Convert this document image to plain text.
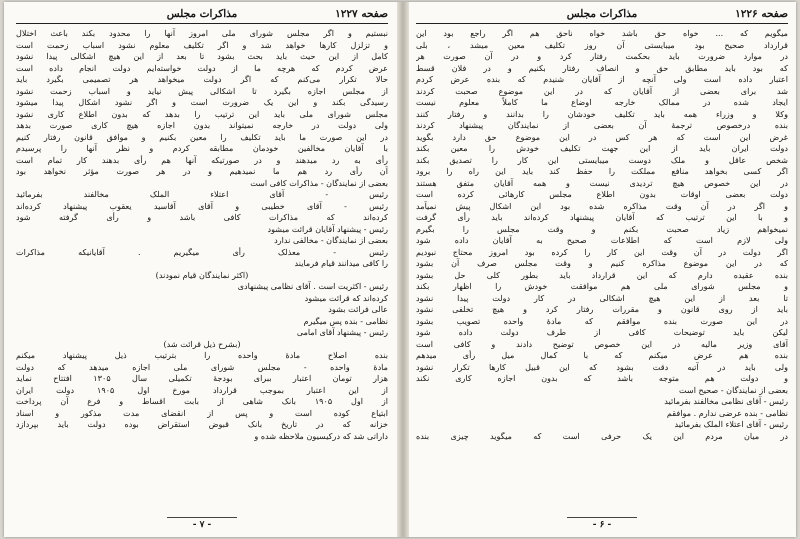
صفحه ۱۲۲۷
مذاکرات مجلس
نبستیم و اگر مجلس شورای ملی امروز آنها را محدود بکند باعث اختلال
و تزلزل کارها خواهد شد و اگر تکلیف معلوم نشود اسباب زحمت است
کامل از این حیث باید بحث بشود تا بعد از این هیچ اشکالی پیدا نشود
عرض کردم که هرچه ما از دولت خواسته‌ایم دولت انجام داده است
حالا تکرار می‌کنم که اگر دولت میخواهد هر تصمیمی بگیرد باید
از مجلس اجازه بگیرد تا اشکالی پیش نیاید و اسباب زحمت نشود
رسیدگی بکند و این یک ضرورت است و اگر نشود اشکال پیدا میشود
مجلس شورای ملی باید این ترتیب را بدهد که بدون اطلاع کاری نشود
ولی دولت در خارجه نمیتواند بدون اجازه هیچ کاری صورت بدهد
در این صورت ما باید تکلیف را معین بکنیم و موافق قانون رفتار کنیم
با آقایان مخالفین خودمان مطابقه کردم و نظر آنها را پرسیدم
رأی به رد میدهند و در صورتیکه آنها هم رأی بدهند کار تمام است
آن رأی رد هم ما نمیدهیم و در هر صورت مؤثر نخواهد بود
بعضی از نمایندگان - مذاکرات کافی است
رئیس - آقای اعتلاء الملک مخالفند بفرمائید
رئیس - آقای خطیبی و آقای آقاسید یعقوب پیشنهاد کرده‌اند
کرده‌اند که مذاکرات کافی باشد و رأی گرفته شود
رئیس - پیشنهاد آقایان قرائت میشود
بعضی از نمایندگان - مخالفی ندارد
رئیس - معذلک رأی میگیریم . آقایانیکه مذاکرات
را کافی میدانند قیام فرمایند
(اکثر نمایندگان قیام نمودند)
رئیس - اکثریت است . آقای نظامی پیشنهادی
کرده‌اند که قرائت میشود
عالی فرائت بشود
نظامی - بنده پس میگیرم
رئیس - پیشنهاد آقای امامی
(بشرح ذیل قرائت شد)
بنده اصلاح مادهٔ واحده را بترتیب ذیل پیشنهاد میکنم
مادهٔ واحده - مجلس شورای ملی اجازه میدهد که دولت
هزار تومان اعتبار ببرای بودجهٔ تکمیلی سال ۱۳۰۵ افتتاح نماید
از این اعتبار بموجب قرارداد مورخ اول ۱۹۰۵ دولت ایران
از اول ۱۹۰۵ بانک شاهی از بابت اقساط و فرع آن پرداخت
ابتیاع کوده است و پس از انقضای مدت مذکور و اسناد
خزانه که در تاریخ بانک قبوض استقراض بوده دولت باید بپردازد
داراتی شد که درکیسیون ملاحظه شده و
- ۷ -
صفحه ۱۲۲۶
مذاکرات مجلس
میگویم که ... خواه حق باشد خواه ناحق هم اگر راجع بود این
قرارداد صحیح بود میبایستی آن روز تکلیف معین میشد ، بلی
در موارد ضرورت باید بحکمت رفتار کرد و در آن صورت هر
که بود باید مطابق حق و انصاف رفتار بکنیم و در فلان قسط
اعتبار داده است ولی آنچه از آقایان شنیدم که بنده عرض کردم
شد برای بعضی از آقایان که در این موضوع صحبت کردند
ایجاد شده در ممالک خارجه اوضاع ما کاملاً معلوم نیست
وکلا و وزراء همه باید تکلیف خودشان را بدانند و رفتار کنند
بنده درخصوص ترجمهٔ آن بعضی از نمایندگان پیشنهاد کردند
غرض این است که هر کس در این موضوع حق دارد بگوید
دولت ایران باید از این جهت تکلیف خودش را معین بکند
شخص عاقل و ملک دوست میبایستی این کار را تصدیق بکند
اگر کسی بخواهد منافع مملکت را حفظ کند باید این راه را برود
در این خصوص هیچ تردیدی نیست و همه آقایان متفق هستند
دولت بعضی اوقات بدون اطلاع مجلس کارهائی کرده است
و اگر در آن وقت مذاکره شده بود این اشکال پیش نمیآمد
و با این ترتیب که آقایان پیشنهاد کرده‌اند باید رأی گرفت
نمیخواهم زیاد صحبت بکنم و وقت مجلس را بگیرم
ولی لازم است که اطلاعات صحیح به آقایان داده شود
اگر دولت در آن وقت این کار را کرده بود امروز محتاج نبودیم
که در این موضوع مذاکره کنیم و وقت مجلس صرف آن بشود
بنده عقیده دارم که این قرارداد باید بطور کلی حل بشود
و مجلس شورای ملی هم موافقت خودش را اظهار بکند
تا بعد از این هیچ اشکالی در کار دولت پیدا نشود
باید از روی قانون و مقررات رفتار کرد و هیچ تخلفی نشود
در این صورت بنده موافقم که مادهٔ واحده تصویب بشود
لیکن باید توضیحات کافی از طرف دولت داده شود
آقای وزیر مالیه در این خصوص توضیح دادند و کافی است
بنده هم عرض میکنم که با کمال میل رأی میدهم
ولی باید در آتیه دقت بشود که این قبیل کارها تکرار نشود
و دولت هم متوجه باشد که بدون اجازه کاری نکند
بعضی از نمایندگان - صحیح است
رئیس - آقای نظامی مخالفند بفرمائید
نظامی - بنده عرضی ندارم . موافقم
رئیس - آقای اعتلاء الملک بفرمائید
در میان مردم این یک حرفی است که میگوید چیزی بنده
- ۶ -
